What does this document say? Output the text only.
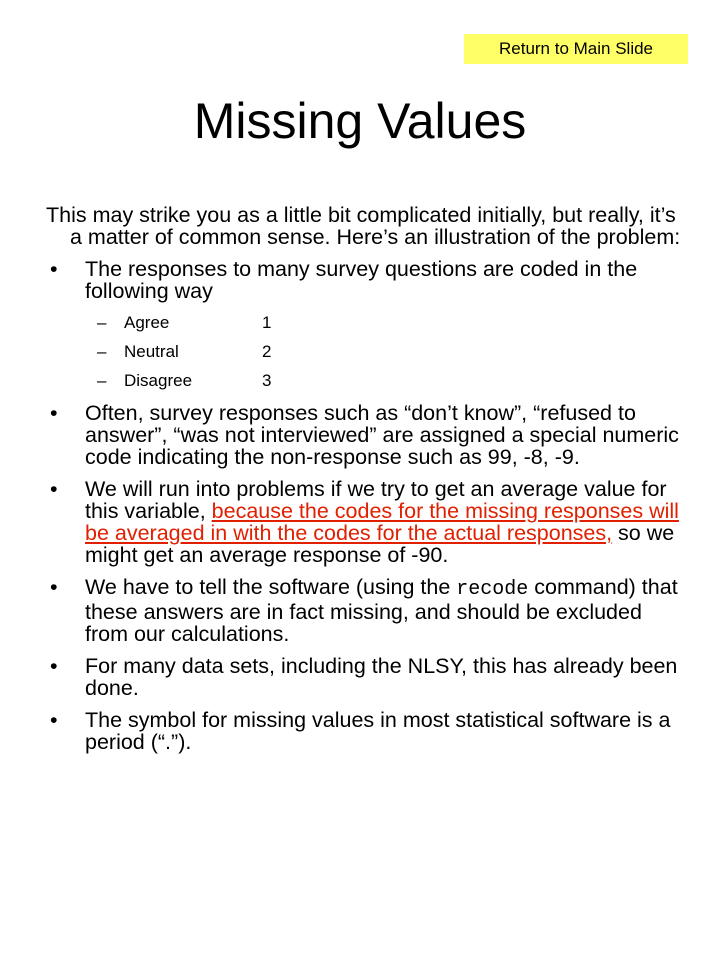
Return to Main Slide
Missing Values

This may strike you as a little bit complicated initially, but really, it’s a matter of common sense. Here’s an illustration of the problem:

• The responses to many survey questions are coded in the following way
– Agree	1
– Neutral	2
– Disagree	3
• Often, survey responses such as “don’t know”, “refused to answer”, “was not interviewed” are assigned a special numeric code indicating the non-response such as 99, -8, -9.
• We will run into problems if we try to get an average value for this variable, because the codes for the missing responses will be averaged in with the codes for the actual responses, so we might get an average response of -90.
• We have to tell the software (using the recode command) that these answers are in fact missing, and should be excluded from our calculations.
• For many data sets, including the NLSY, this has already been done.
• The symbol for missing values in most statistical software is a period (“.”).
